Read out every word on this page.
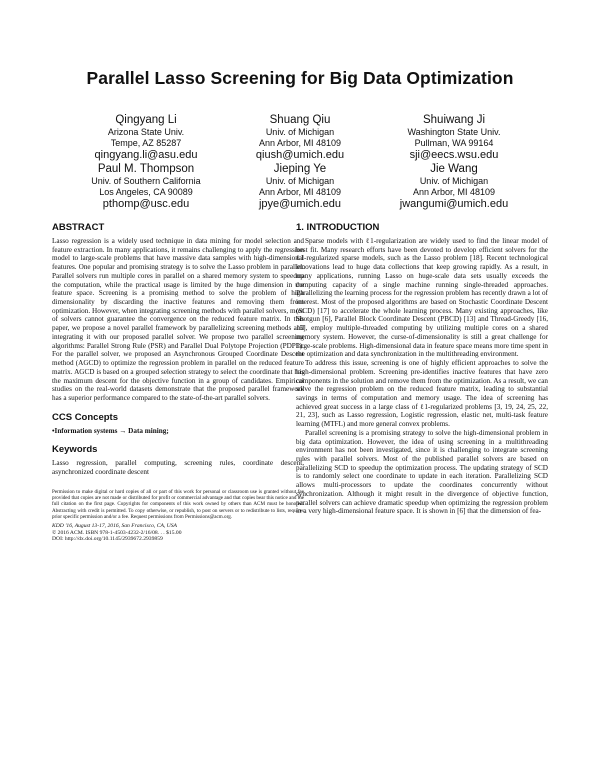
Parallel Lasso Screening for Big Data Optimization
Qingyang Li
Arizona State Univ.
Tempe, AZ 85287
qingyang.li@asu.edu
Shuang Qiu
Univ. of Michigan
Ann Arbor, MI 48109
qiush@umich.edu
Shuiwang Ji
Washington State Univ.
Pullman, WA 99164
sji@eecs.wsu.edu
Paul M. Thompson
Univ. of Southern California
Los Angeles, CA 90089
pthomp@usc.edu
Jieping Ye
Univ. of Michigan
Ann Arbor, MI 48109
jpye@umich.edu
Jie Wang
Univ. of Michigan
Ann Arbor, MI 48109
jwangumi@umich.edu
ABSTRACT

Lasso regression is a widely used technique in data mining for model selection and feature extraction. In many applications, it remains challenging to apply the regression model to large-scale problems that have massive data samples with high-dimensional features. One popular and promising strategy is to solve the Lasso problem in parallel. Parallel solvers run multiple cores in parallel on a shared memory system to speedup the computation, while the practical usage is limited by the huge dimension in the feature space. Screening is a promising method to solve the problem of high dimensionality by discarding the inactive features and removing them from optimization. However, when integrating screening methods with parallel solvers, most of solvers cannot guarantee the convergence on the reduced feature matrix. In this paper, we propose a novel parallel framework by parallelizing screening methods and integrating it with our proposed parallel solver. We propose two parallel screening algorithms: Parallel Strong Rule (PSR) and Parallel Dual Polytope Projection (PDPP). For the parallel solver, we proposed an Asynchronous Grouped Coordinate Descent method (AGCD) to optimize the regression problem in parallel on the reduced feature matrix. AGCD is based on a grouped selection strategy to select the coordinate that has the maximum descent for the objective function in a group of candidates. Empirical studies on the real-world datasets demonstrate that the proposed parallel framework has a superior performance compared to the state-of-the-art parallel solvers.

CCS Concepts
•Information systems → Data mining;
Keywords

Lasso regression, parallel computing, screening rules, coordinate descent, asynchronized coordinate descent

Permission to make digital or hard copies of all or part of this work for personal or classroom use is granted without fee provided that copies are not made or distributed for profit or commercial advantage and that copies bear this notice and the full citation on the first page. Copyrights for components of this work owned by others than ACM must be honored. Abstracting with credit is permitted. To copy otherwise, or republish, to post on servers or to redistribute to lists, requires prior specific permission and/or a fee. Request permissions from Permissions@acm.org.
KDD '16, August 13-17, 2016, San Francisco, CA, USA
© 2016 ACM. ISBN 978-1-4503-4232-2/16/08. . . $15.00
DOI: http://dx.doi.org/10.1145/2939672.2939859
1. INTRODUCTION

Sparse models with ℓ1-regularization are widely used to find the linear model of best fit. Many research efforts have been devoted to develop efficient solvers for the ℓ1-regularized sparse models, such as the Lasso problem [18]. Recent technological innovations lead to huge data collections that keep growing rapidly. As a result, in many applications, running Lasso on huge-scale data sets usually exceeds the computing capacity of a single machine running single-threaded approaches. Parallelizing the learning process for the regression problem has recently drawn a lot of interest. Most of the proposed algorithms are based on Stochastic Coordinate Descent (SCD) [17] to accelerate the whole learning process. Many existing approaches, like Shotgun [6], Parallel Block Coordinate Descent (PBCD) [13] and Thread-Greedy [16, 15], employ multiple-threaded computing by utilizing multiple cores on a shared memory system. However, the curse-of-dimensionality is still a great challenge for large-scale problems. High-dimensional data in feature space means more time spent in the optimization and data synchronization in the multithreading environment.

To address this issue, screening is one of highly efficient approaches to solve the high-dimensional problem. Screening pre-identifies inactive features that have zero components in the solution and remove them from the optimization. As a result, we can solve the regression problem on the reduced feature matrix, leading to substantial savings in terms of computation and memory usage. The idea of screening has achieved great success in a large class of ℓ1-regularized problems [3, 19, 24, 25, 22, 21, 23], such as Lasso regression, Logistic regression, elastic net, multi-task feature learning (MTFL) and more general convex problems.

Parallel screening is a promising strategy to solve the high-dimensional problem in big data optimization. However, the idea of using screening in a multithreading environment has not been investigated, since it is challenging to integrate screening rules with parallel solvers. Most of the published parallel solvers are based on parallelizing SCD to speedup the optimization process. The updating strategy of SCD is to randomly select one coordinate to update in each iteration. Parallelizing SCD allows multi-processors to update the coordinates concurrently without synchronization. Although it might result in the divergence of objective function, parallel solvers can achieve dramatic speedup when optimizing the regression problem in a very high-dimensional feature space. It is shown in [6] that the dimension of fea-
